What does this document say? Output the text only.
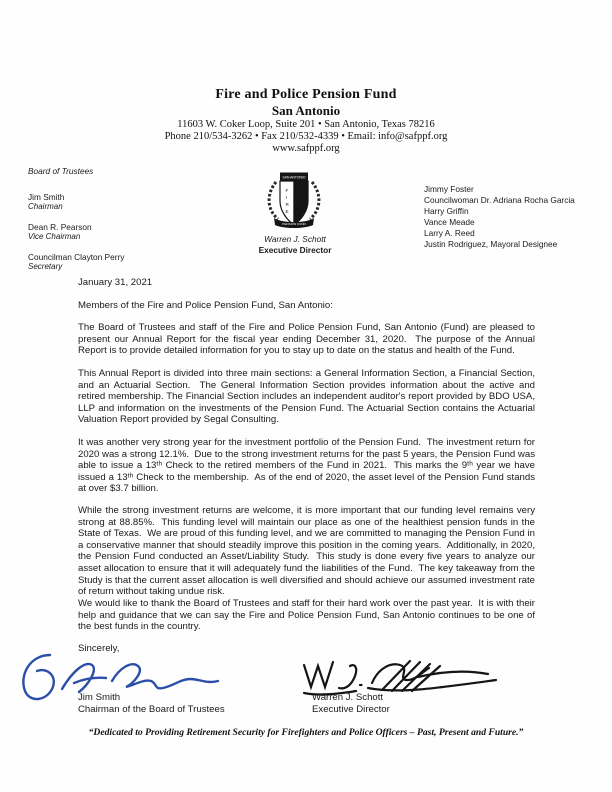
Fire and Police Pension Fund
San Antonio
11603 W. Coker Loop, Suite 201 • San Antonio, Texas 78216
Phone 210/534-3262 • Fax 210/532-4339 • Email: info@safppf.org
www.safppf.org
Board of Trustees
Jim Smith
Chairman
Dean R. Pearson
Vice Chairman
Councilman Clayton Perry
Secretary
SAN ANTONIO
F
I
R
E
PENSION FUND
Warren J. Schott
Executive Director
Jimmy Foster
Councilwoman Dr. Adriana Rocha Garcia
Harry Griffin
Vance Meade
Larry A. Reed
Justin Rodriguez, Mayoral Designee
January 31, 2021
Members of the Fire and Police Pension Fund, San Antonio:

The Board of Trustees and staff of the Fire and Police Pension Fund, San Antonio (Fund) are pleased to present our Annual Report for the fiscal year ending December 31, 2020.  The purpose of the Annual Report is to provide detailed information for you to stay up to date on the status and health of the Fund.

This Annual Report is divided into three main sections: a General Information Section, a Financial Section, and an Actuarial Section.  The General Information Section provides information about the active and retired membership. The Financial Section includes an independent auditor's report provided by BDO USA, LLP and information on the investments of the Pension Fund. The Actuarial Section contains the Actuarial Valuation Report provided by Segal Consulting.

It was another very strong year for the investment portfolio of the Pension Fund.  The investment return for 2020 was a strong 12.1%.  Due to the strong investment returns for the past 5 years, the Pension Fund was able to issue a 13ᵗʰ Check to the retired members of the Fund in 2021.  This marks the 9ᵗʰ year we have issued a 13ᵗʰ Check to the membership.  As of the end of 2020, the asset level of the Pension Fund stands at over $3.7 billion.

While the strong investment returns are welcome, it is more important that our funding level remains very strong at 88.85%.  This funding level will maintain our place as one of the healthiest pension funds in the State of Texas.  We are proud of this funding level, and we are committed to managing the Pension Fund in a conservative manner that should steadily improve this position in the coming years.  Additionally, in 2020, the Pension Fund conducted an Asset/Liability Study.  This study is done every five years to analyze our asset allocation to ensure that it will adequately fund the liabilities of the Fund.  The key takeaway from the Study is that the current asset allocation is well diversified and should achieve our assumed investment rate of return without taking undue risk.

We would like to thank the Board of Trustees and staff for their hard work over the past year.  It is with their help and guidance that we can say the Fire and Police Pension Fund, San Antonio continues to be one of the best funds in the country.

Sincerely,
Jim Smith
Chairman of the Board of Trustees
Warren J. Schott
Executive Director
“Dedicated to Providing Retirement Security for Firefighters and Police Officers – Past, Present and Future.”
